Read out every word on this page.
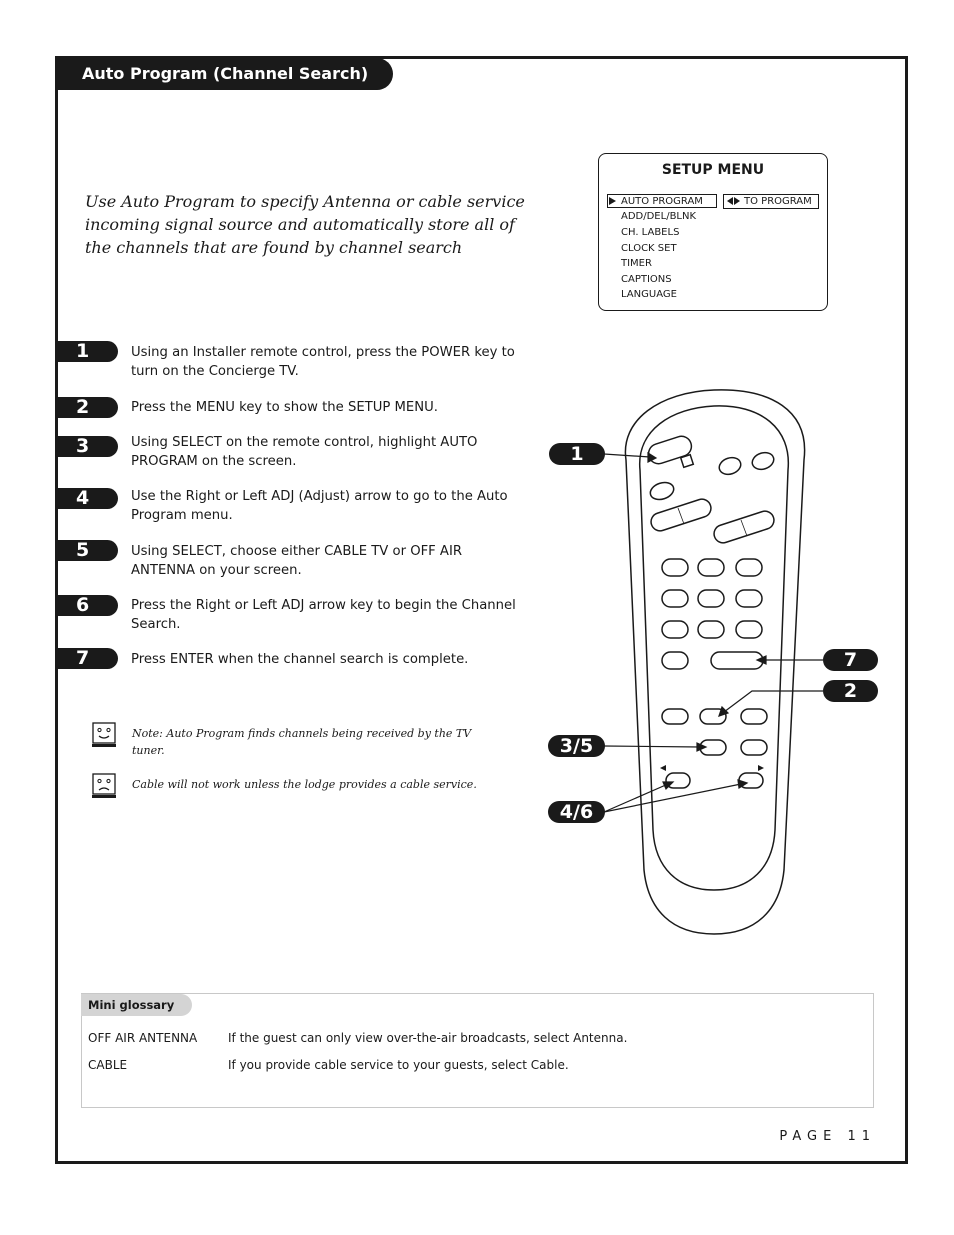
Auto Program (Channel Search)
Use Auto Program to specify Antenna or cable service incoming signal source and automatically store all of the channels that are found by channel search
SETUP MENU
AUTO PROGRAM
ADD/DEL/BLNK
CH. LABELS
CLOCK SET
TIMER
CAPTIONS
LANGUAGE
TO PROGRAM
1	Using an Installer remote control, press the POWER key to turn on the Concierge TV.
2	Press the MENU key to show the SETUP MENU.
3	Using SELECT on the remote control, highlight AUTO PROGRAM on the screen.
4	Use the Right or Left ADJ (Adjust) arrow to go to the Auto Program menu.
5	Using SELECT, choose either CABLE TV or OFF AIR ANTENNA on your screen.
6	Press the Right or Left ADJ arrow key to begin the Channel Search.
7	Press ENTER when the channel search is complete.
Note: Auto Program finds channels being received by the TV tuner.
Cable will not work unless the lodge provides a cable service.
1
7
2
3/5
4/6
Mini glossary
OFF AIR ANTENNA	If the guest can only view over-the-air broadcasts, select Antenna.
CABLE	If you provide cable service to your guests, select Cable.
PAGE 11
